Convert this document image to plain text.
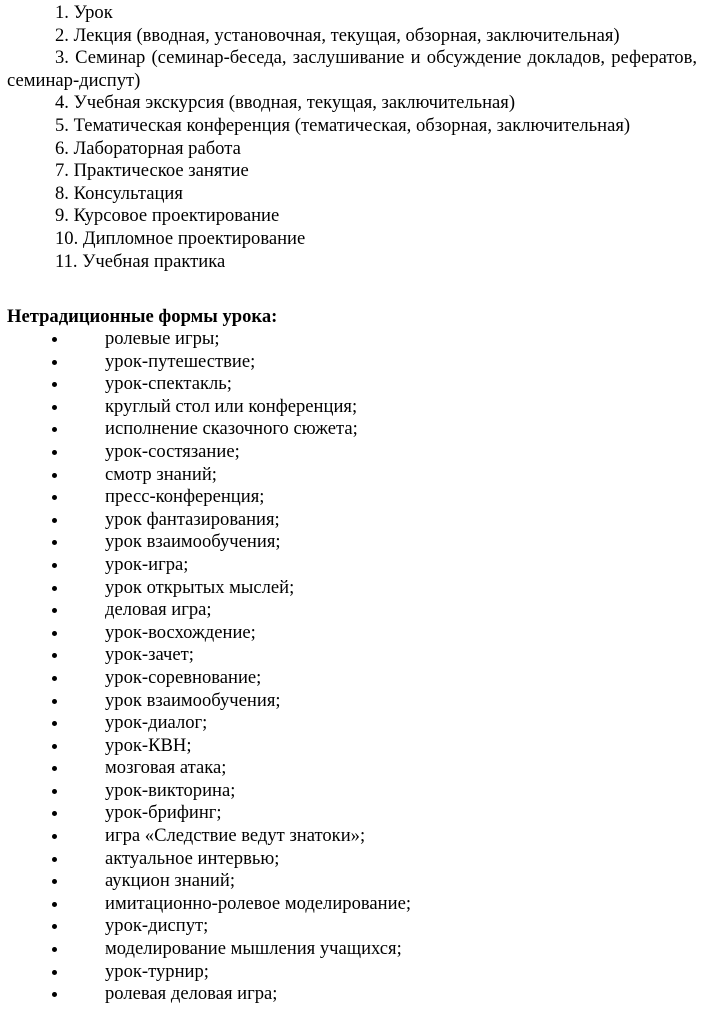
1. Урок
2. Лекция (вводная, установочная, текущая, обзорная, заключительная)
3. Семинар (семинар-беседа, заслушивание и обсуждение докладов, рефератов, семинар-диспут)
4. Учебная экскурсия (вводная, текущая, заключительная)
5. Тематическая конференция (тематическая, обзорная, заключительная)
6. Лабораторная работа
7. Практическое занятие
8. Консультация
9. Курсовое проектирование
10. Дипломное проектирование
11. Учебная практика
Нетрадиционные формы урока:
ролевые игры;
урок-путешествие;
урок-спектакль;
круглый стол или конференция;
исполнение сказочного сюжета;
урок-состязание;
смотр знаний;
пресс-конференция;
урок фантазирования;
урок взаимообучения;
урок-игра;
урок открытых мыслей;
деловая игра;
урок-восхождение;
урок-зачет;
урок-соревнование;
урок взаимообучения;
урок-диалог;
урок-КВН;
мозговая атака;
урок-викторина;
урок-брифинг;
игра «Следствие ведут знатоки»;
актуальное интервью;
аукцион знаний;
имитационно-ролевое моделирование;
урок-диспут;
моделирование мышления учащихся;
урок-турнир;
ролевая деловая игра;
